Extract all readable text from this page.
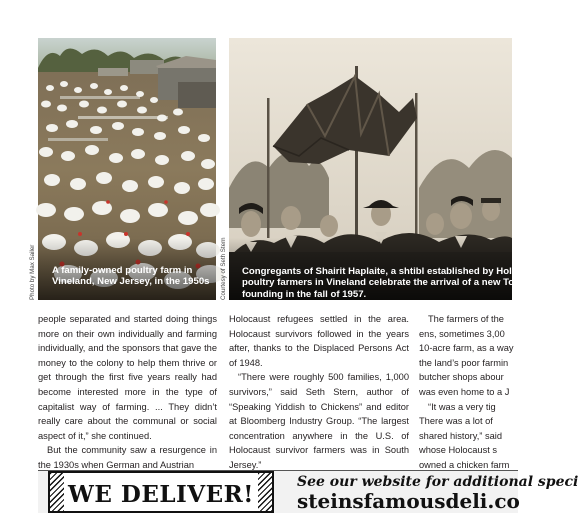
Photo by Max Sailer A family-owned poultry farm in Vineland, New Jersey, in the 1950s	Courtesy of Seth Stern Congregants of Shairit Haplaite, a shtibl established by Holoc
poultry farmers in Vineland celebrate the arrival of a new Tor
founding in the fall of 1957.

people separated and started doing things more on their own individually and farming individually, and the sponsors that gave the money to the colony to help them thrive or get through the first five years really had become interested more in the type of capitalist way of farming. ... They didn’t really care about the communal or social aspect of it,” she continued.

But the community saw a resurgence in the 1930s when German and Austrian

Holocaust refugees settled in the area. Holocaust survivors followed in the years after, thanks to the Displaced Persons Act of 1948.

“There were roughly 500 families, 1,000 survivors,” said Seth Stern, author of “Speaking Yiddish to Chickens” and editor at Bloomberg Industry Group. “The largest concentration anywhere in the U.S. of Holocaust survivor farmers was in South Jersey.”

The farmers of the
ens, sometimes 3,00
10-acre farm, as a way
the land’s poor farmin
butcher shops abour
was even home to a J
“It was a very tig
There was a lot of
shared history,” said
whose Holocaust s
owned a chicken farm
WE DELIVER!	See our website for additional speci
steinsfamousdeli.co
